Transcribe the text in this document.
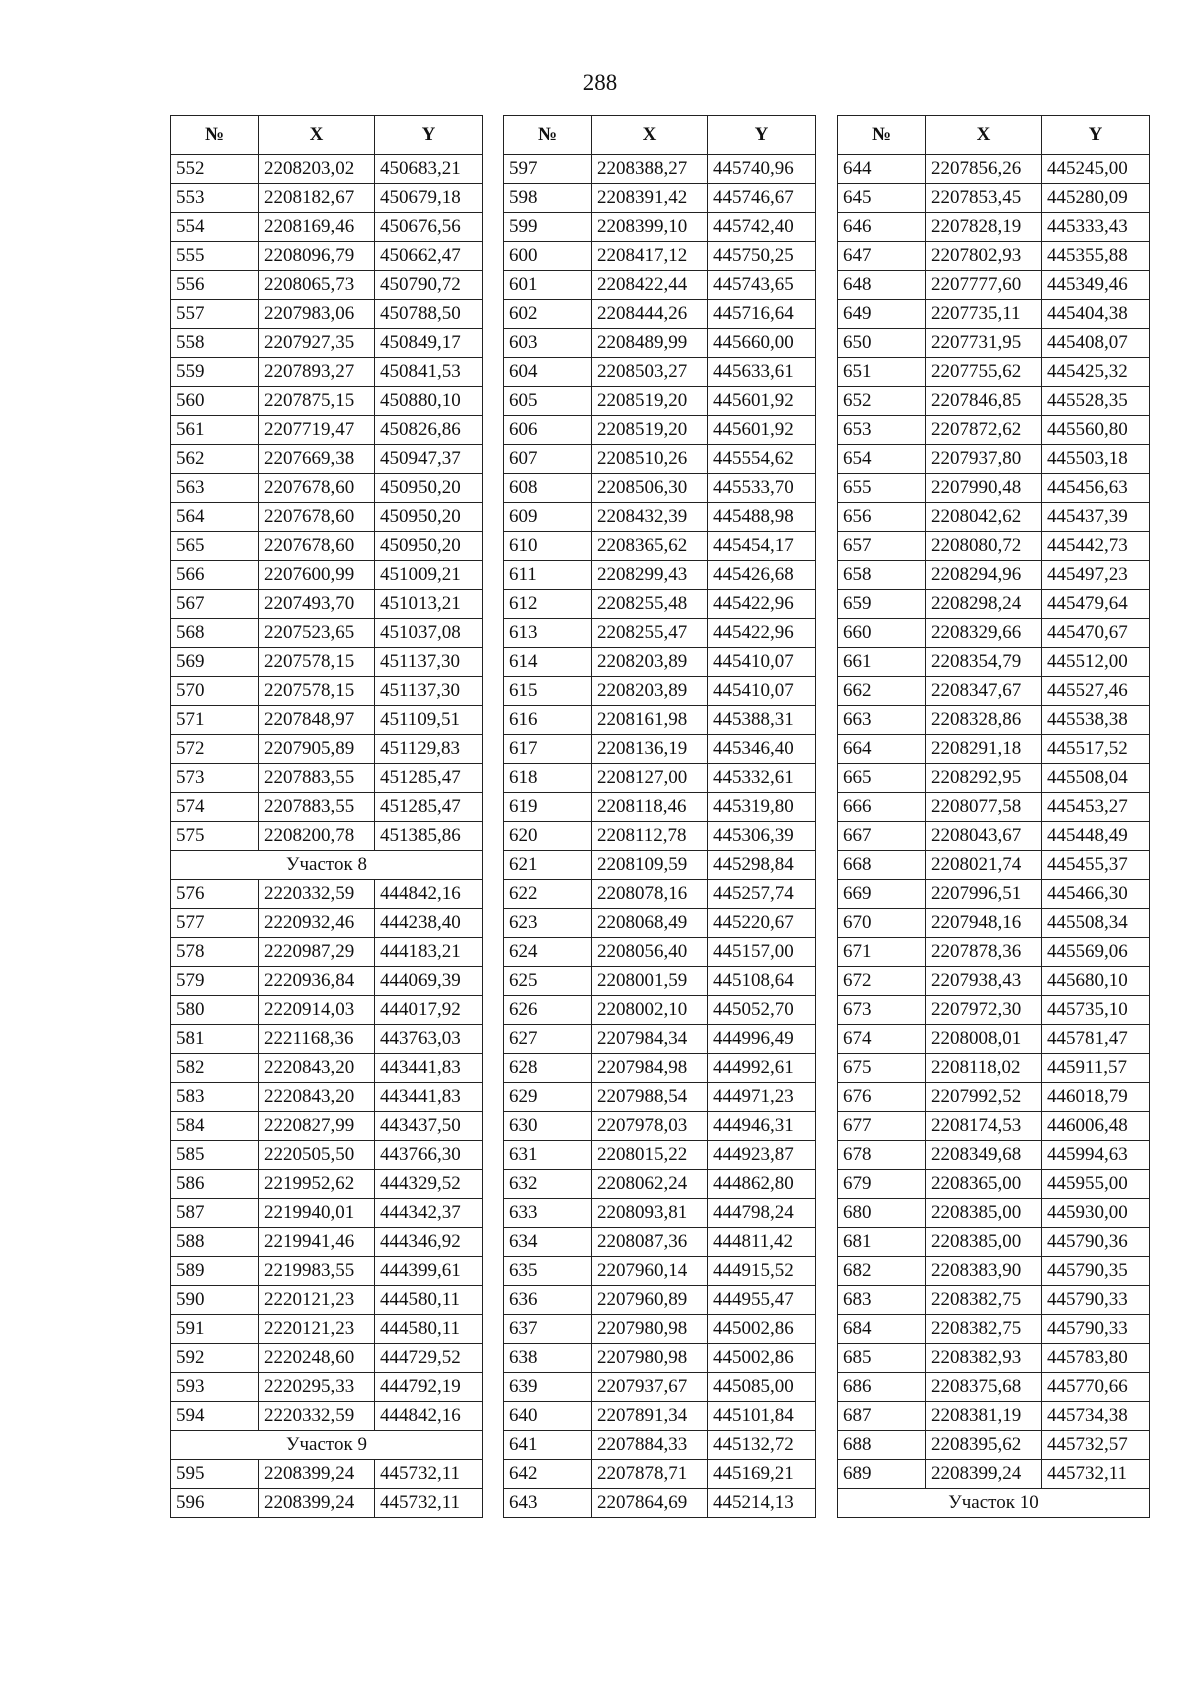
288
№	X	Y
552	2208203,02	450683,21
553	2208182,67	450679,18
554	2208169,46	450676,56
555	2208096,79	450662,47
556	2208065,73	450790,72
557	2207983,06	450788,50
558	2207927,35	450849,17
559	2207893,27	450841,53
560	2207875,15	450880,10
561	2207719,47	450826,86
562	2207669,38	450947,37
563	2207678,60	450950,20
564	2207678,60	450950,20
565	2207678,60	450950,20
566	2207600,99	451009,21
567	2207493,70	451013,21
568	2207523,65	451037,08
569	2207578,15	451137,30
570	2207578,15	451137,30
571	2207848,97	451109,51
572	2207905,89	451129,83
573	2207883,55	451285,47
574	2207883,55	451285,47
575	2208200,78	451385,86
Участок 8		
576	2220332,59	444842,16
577	2220932,46	444238,40
578	2220987,29	444183,21
579	2220936,84	444069,39
580	2220914,03	444017,92
581	2221168,36	443763,03
582	2220843,20	443441,83
583	2220843,20	443441,83
584	2220827,99	443437,50
585	2220505,50	443766,30
586	2219952,62	444329,52
587	2219940,01	444342,37
588	2219941,46	444346,92
589	2219983,55	444399,61
590	2220121,23	444580,11
591	2220121,23	444580,11
592	2220248,60	444729,52
593	2220295,33	444792,19
594	2220332,59	444842,16
Участок 9		
595	2208399,24	445732,11
596	2208399,24	445732,11
№	X	Y
597	2208388,27	445740,96
598	2208391,42	445746,67
599	2208399,10	445742,40
600	2208417,12	445750,25
601	2208422,44	445743,65
602	2208444,26	445716,64
603	2208489,99	445660,00
604	2208503,27	445633,61
605	2208519,20	445601,92
606	2208519,20	445601,92
607	2208510,26	445554,62
608	2208506,30	445533,70
609	2208432,39	445488,98
610	2208365,62	445454,17
611	2208299,43	445426,68
612	2208255,48	445422,96
613	2208255,47	445422,96
614	2208203,89	445410,07
615	2208203,89	445410,07
616	2208161,98	445388,31
617	2208136,19	445346,40
618	2208127,00	445332,61
619	2208118,46	445319,80
620	2208112,78	445306,39
621	2208109,59	445298,84
622	2208078,16	445257,74
623	2208068,49	445220,67
624	2208056,40	445157,00
625	2208001,59	445108,64
626	2208002,10	445052,70
627	2207984,34	444996,49
628	2207984,98	444992,61
629	2207988,54	444971,23
630	2207978,03	444946,31
631	2208015,22	444923,87
632	2208062,24	444862,80
633	2208093,81	444798,24
634	2208087,36	444811,42
635	2207960,14	444915,52
636	2207960,89	444955,47
637	2207980,98	445002,86
638	2207980,98	445002,86
639	2207937,67	445085,00
640	2207891,34	445101,84
641	2207884,33	445132,72
642	2207878,71	445169,21
643	2207864,69	445214,13
№	X	Y
644	2207856,26	445245,00
645	2207853,45	445280,09
646	2207828,19	445333,43
647	2207802,93	445355,88
648	2207777,60	445349,46
649	2207735,11	445404,38
650	2207731,95	445408,07
651	2207755,62	445425,32
652	2207846,85	445528,35
653	2207872,62	445560,80
654	2207937,80	445503,18
655	2207990,48	445456,63
656	2208042,62	445437,39
657	2208080,72	445442,73
658	2208294,96	445497,23
659	2208298,24	445479,64
660	2208329,66	445470,67
661	2208354,79	445512,00
662	2208347,67	445527,46
663	2208328,86	445538,38
664	2208291,18	445517,52
665	2208292,95	445508,04
666	2208077,58	445453,27
667	2208043,67	445448,49
668	2208021,74	445455,37
669	2207996,51	445466,30
670	2207948,16	445508,34
671	2207878,36	445569,06
672	2207938,43	445680,10
673	2207972,30	445735,10
674	2208008,01	445781,47
675	2208118,02	445911,57
676	2207992,52	446018,79
677	2208174,53	446006,48
678	2208349,68	445994,63
679	2208365,00	445955,00
680	2208385,00	445930,00
681	2208385,00	445790,36
682	2208383,90	445790,35
683	2208382,75	445790,33
684	2208382,75	445790,33
685	2208382,93	445783,80
686	2208375,68	445770,66
687	2208381,19	445734,38
688	2208395,62	445732,57
689	2208399,24	445732,11
Участок 10		
